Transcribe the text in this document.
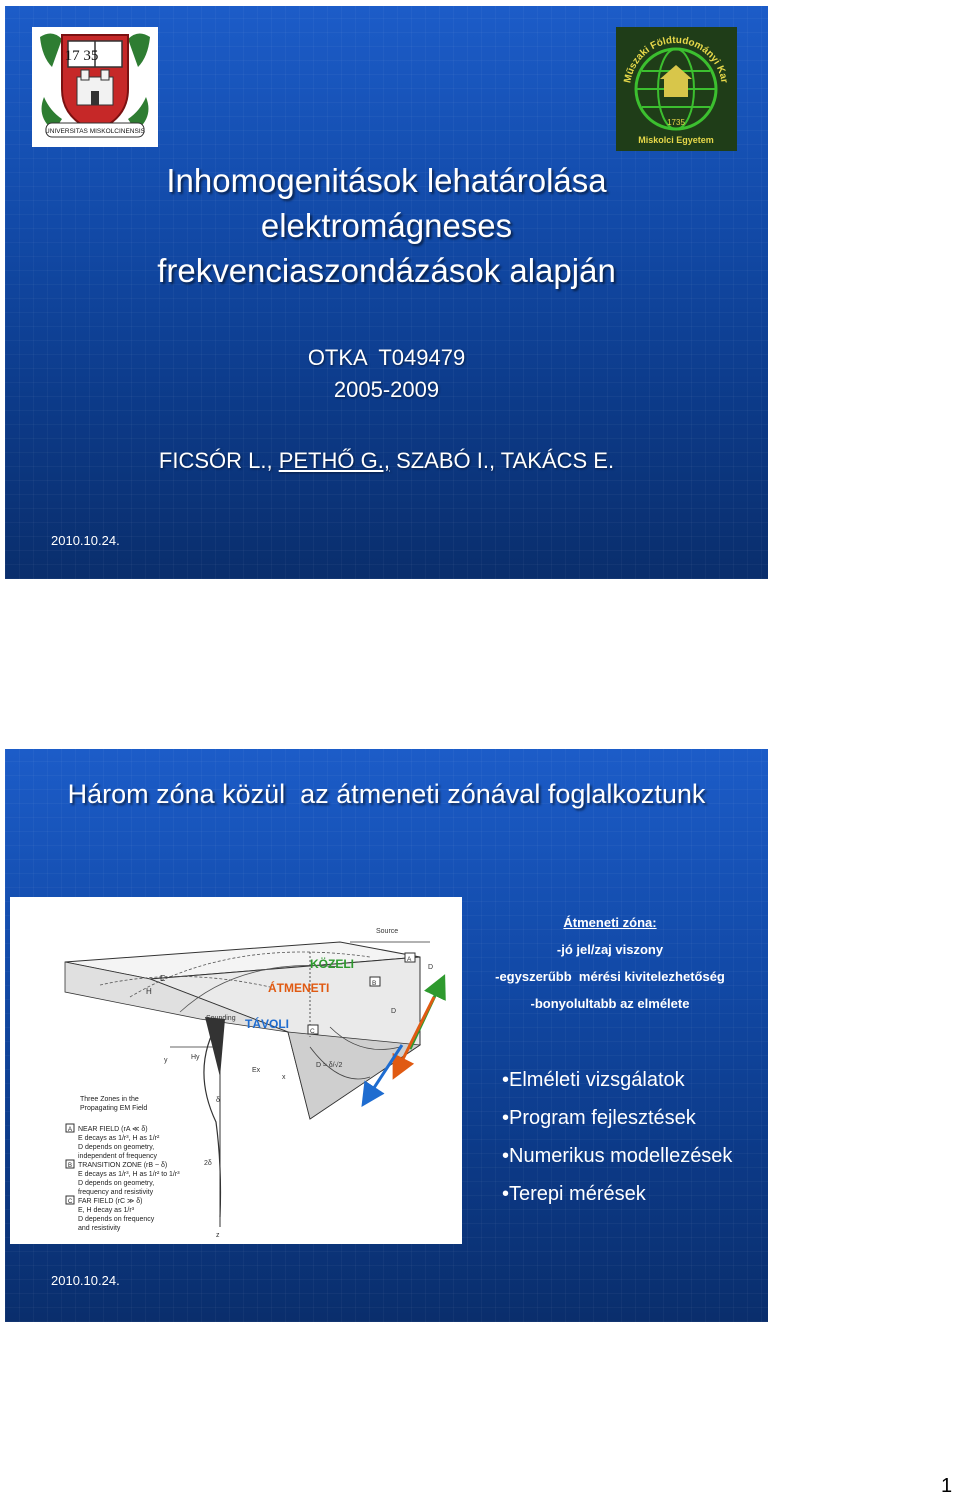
17 35
UNIVERSITAS MISKOLCINENSIS
Műszaki Földtudományi Kar
1735
Miskolci Egyetem
Inhomogenitások lehatárolása
elektromágneses
frekvenciaszondázások alapján
OTKA  T049479
2005-2009
FICSÓR L., PETHŐ G., SZABÓ I., TAKÁCS E.
2010.10.24.
Három zóna közül  az átmeneti zónával foglalkoztunk
Source
A
B
C
D
D
E
H
Sounding
Hy
Ex
y
x
δ
2δ
z
D ≈ δ/√2
Three Zones in the
Propagating EM Field
A NEAR FIELD (rA ≪ δ)
E decays as 1/r³, H as 1/r²
D depends on geometry,
independent of frequency
B TRANSITION ZONE (rB ~ δ)
E decays as 1/r³, H as 1/r² to 1/r³
D depends on geometry,
frequency and resistivity
C FAR FIELD (rC ≫ δ)
E, H decay as 1/r³
D depends on frequency
and resistivity
KÖZELI
ÁTMENETI
TÁVOLI
Átmeneti zóna:
-jó jel/zaj viszony
-egyszerűbb  mérési kivitelezhetőség
-bonyolultabb az elmélete
• Elméleti vizsgálatok
• Program fejlesztések
• Numerikus modellezések
• Terepi mérések
2010.10.24.
1
